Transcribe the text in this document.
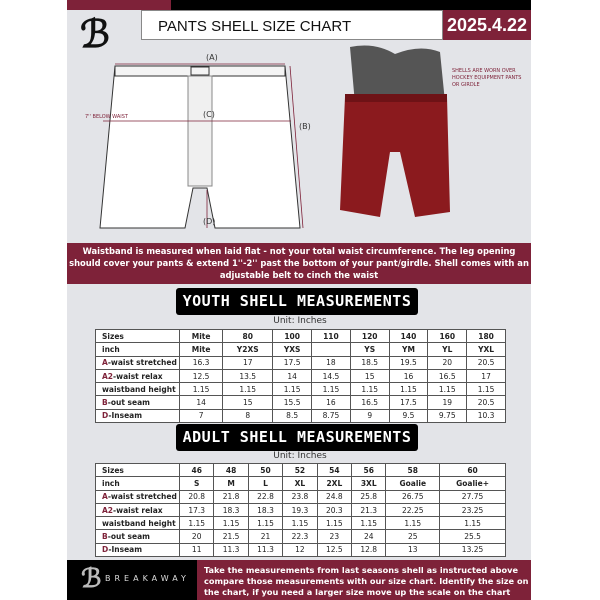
ℬ	PANTS SHELL SIZE CHART	2025.4.22
(A)
(C)
(B)
(D)
7'' BELOW WAIST
SHELLS ARE WORN OVER HOCKEY EQUIPMENT PANTS OR GIRDLE
Waistband is measured when laid flat - not your total waist circumference. The leg opening should cover your pants & extend 1''-2'' past the bottom of your pant/girdle. Shell comes with an adjustable belt to cinch the waist
YOUTH SHELL MEASUREMENTS
Unit: Inches
Sizes	Mite	80	100	110	120	140	160	180
inch	Mite	Y2XS	YXS		YS	YM	YL	YXL
A-waist stretched	16.3	17	17.5	18	18.5	19.5	20	20.5
A2-waist relax	12.5	13.5	14	14.5	15	16	16.5	17
waistband height	1.15	1.15	1.15	1.15	1.15	1.15	1.15	1.15
B-out seam	14	15	15.5	16	16.5	17.5	19	20.5
D-Inseam	7	8	8.5	8.75	9	9.5	9.75	10.3
ADULT SHELL MEASUREMENTS
Unit: Inches
Sizes	46	48	50	52	54	56	58	60
inch	S	M	L	XL	2XL	3XL	Goalie	Goalie+
A-waist stretched	20.8	21.8	22.8	23.8	24.8	25.8	26.75	27.75
A2-waist relax	17.3	18.3	18.3	19.3	20.3	21.3	22.25	23.25
waistband height	1.15	1.15	1.15	1.15	1.15	1.15	1.15	1.15
B-out seam	20	21.5	21	22.3	23	24	25	25.5
D-Inseam	11	11.3	11.3	12	12.5	12.8	13	13.25
ℬ BREAKAWAY
Take the measurements from last seasons shell as instructed above compare those measurements with our size chart. Identify the size on the chart, if you need a larger size move up the scale on the chart
